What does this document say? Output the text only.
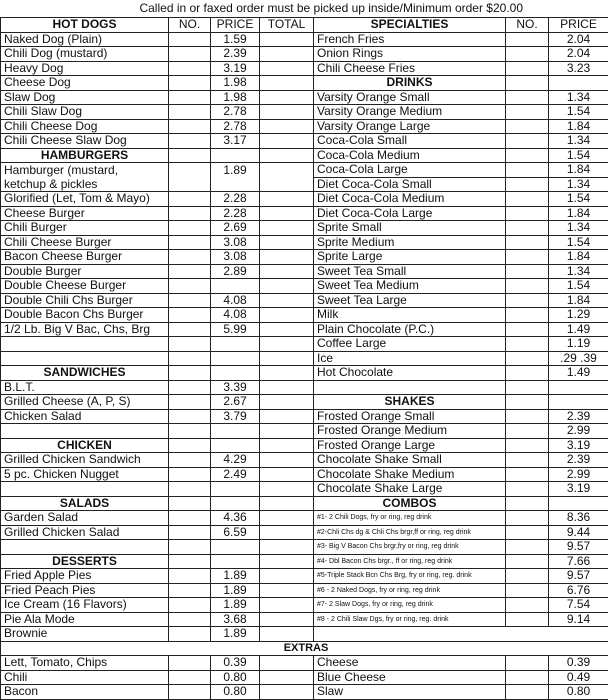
Called in or faxed order must be picked up inside/Minimum order $20.00
HOT DOGS	NO.	PRICE	TOTAL	SPECIALTIES	NO.	PRICE
Naked Dog (Plain)		1.59		French Fries		2.04
Chili Dog (mustard)		2.39		Onion Rings		2.04
Heavy Dog		3.19		Chili Cheese Fries		3.23
Cheese Dog		1.98		DRINKS		
Slaw Dog		1.98		Varsity Orange Small		1.34
Chili Slaw Dog		2.78		Varsity Orange Medium		1.54
Chili Cheese Dog		2.78		Varsity Orange Large		1.84
Chili Cheese Slaw Dog		3.17		Coca-Cola Small		1.34
HAMBURGERS				Coca-Cola Medium		1.54
Hamburger (mustard,		1.89		Coca-Cola Large		1.84
ketchup & pickles				Diet Coca-Cola Small		1.34
Glorified (Let, Tom & Mayo)		2.28		Diet Coca-Cola Medium		1.54
Cheese Burger		2.28		Diet Coca-Cola Large		1.84
Chili Burger		2.69		Sprite Small		1.34
Chili Cheese Burger		3.08		Sprite Medium		1.54
Bacon Cheese Burger		3.08		Sprite Large		1.84
Double Burger		2.89		Sweet Tea Small		1.34
Double Cheese Burger				Sweet Tea Medium		1.54
Double Chili Chs Burger		4.08		Sweet Tea Large		1.84
Double Bacon Chs Burger		4.08		Milk		1.29
1/2 Lb. Big V Bac, Chs, Brg		5.99		Plain Chocolate (P.C.)		1.49
				Coffee Large		1.19
				Ice		.29 .39
SANDWICHES				Hot Chocolate		1.49
B.L.T.		3.39				
Grilled Cheese (A, P, S)		2.67		SHAKES		
Chicken Salad		3.79		Frosted Orange Small		2.39
				Frosted Orange Medium		2.99
CHICKEN				Frosted Orange Large		3.19
Grilled Chicken Sandwich		4.29		Chocolate Shake Small		2.39
5 pc. Chicken Nugget		2.49		Chocolate Shake Medium		2.99
				Chocolate Shake Large		3.19
SALADS				COMBOS		
Garden Salad		4.36		#1- 2 Chili Dogs, fry or ring, reg drink		8.36
Grilled Chicken Salad		6.59		#2-Chli Chs dg & Chli Chs brgr,ff or ring, reg drink		9.44
				#3- Big V Bacon Chs brgr,fry or ring, reg drink		9.57
DESSERTS				#4- Dbl Bacon Chs brgr., ff or ring, reg drink		7.66
Fried Apple Pies		1.89		#5-Triple Stack Bcn Chs Brg, fry or ring, reg. drink		9.57
Fried Peach Pies		1.89		#6 - 2 Naked Dogs, fry or ring, reg drink		6.76
Ice Cream (16 Flavors)		1.89		#7- 2 Slaw Dogs, fry or ring, reg drink		7.54
Pie Ala Mode		3.68		#8 - 2 Chili Slaw Dgs, fry or ring, reg. drink		9.14
Brownie		1.89				
EXTRAS						
Lett, Tomato, Chips		0.39		Cheese		0.39
Chili		0.80		Blue Cheese		0.49
Bacon		0.80		Slaw		0.80
